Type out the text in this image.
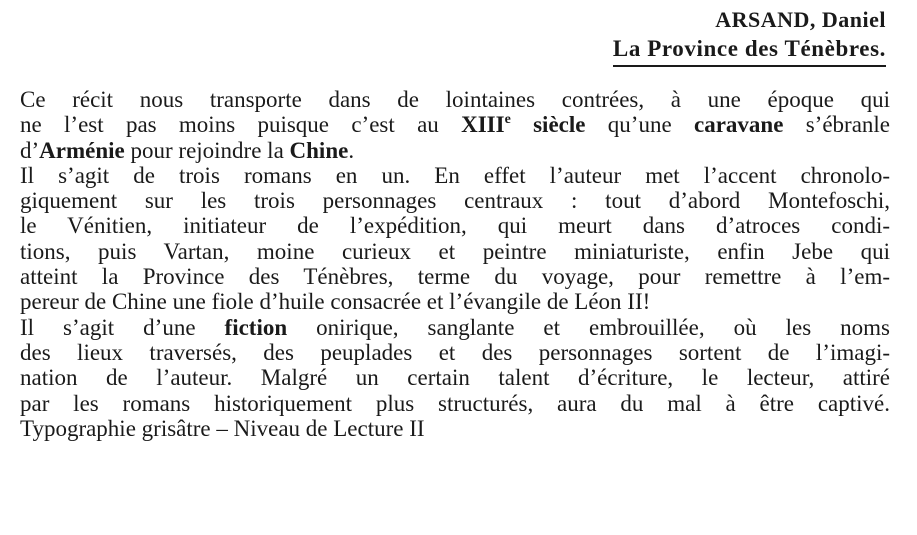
ARSAND, Daniel
La Province des Ténèbres.
Ce récit nous transporte dans de lointaines contrées, à une époque qui
ne l’est pas moins puisque c’est au XIIIe siècle qu’une caravane s’ébranle
d’Arménie pour rejoindre la Chine.
Il s’agit de trois romans en un. En effet l’auteur met l’accent chronolo-
giquement sur les trois personnages centraux : tout d’abord Montefoschi,
le Vénitien, initiateur de l’expédition, qui meurt dans d’atroces condi-
tions, puis Vartan, moine curieux et peintre miniaturiste, enfin Jebe qui
atteint la Province des Ténèbres, terme du voyage, pour remettre à l’em-
pereur de Chine une fiole d’huile consacrée et l’évangile de Léon II!
Il s’agit d’une fiction onirique, sanglante et embrouillée, où les noms
des lieux traversés, des peuplades et des personnages sortent de l’imagi-
nation de l’auteur. Malgré un certain talent d’écriture, le lecteur, attiré
par les romans historiquement plus structurés, aura du mal à être captivé.
Typographie grisâtre – Niveau de Lecture II
